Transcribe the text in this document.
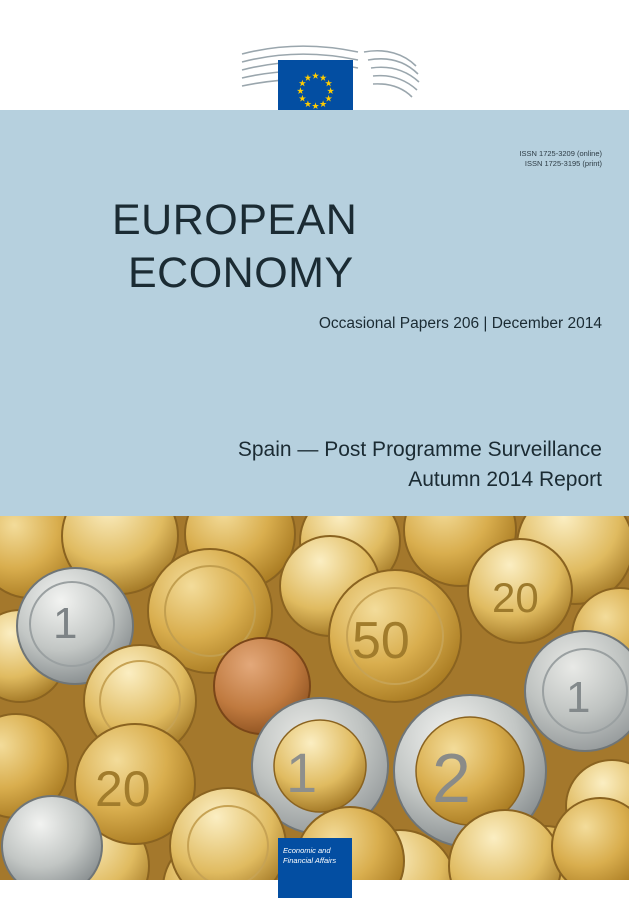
ISSN 1725-3209 (online)
ISSN 1725-3195 (print)
EUROPEAN
ECONOMY
Occasional Papers 206 | December 2014
Spain — Post Programme Surveillance
Autumn 2014 Report
1	50
20
20 1 2
1
Economic and
Financial Affairs
